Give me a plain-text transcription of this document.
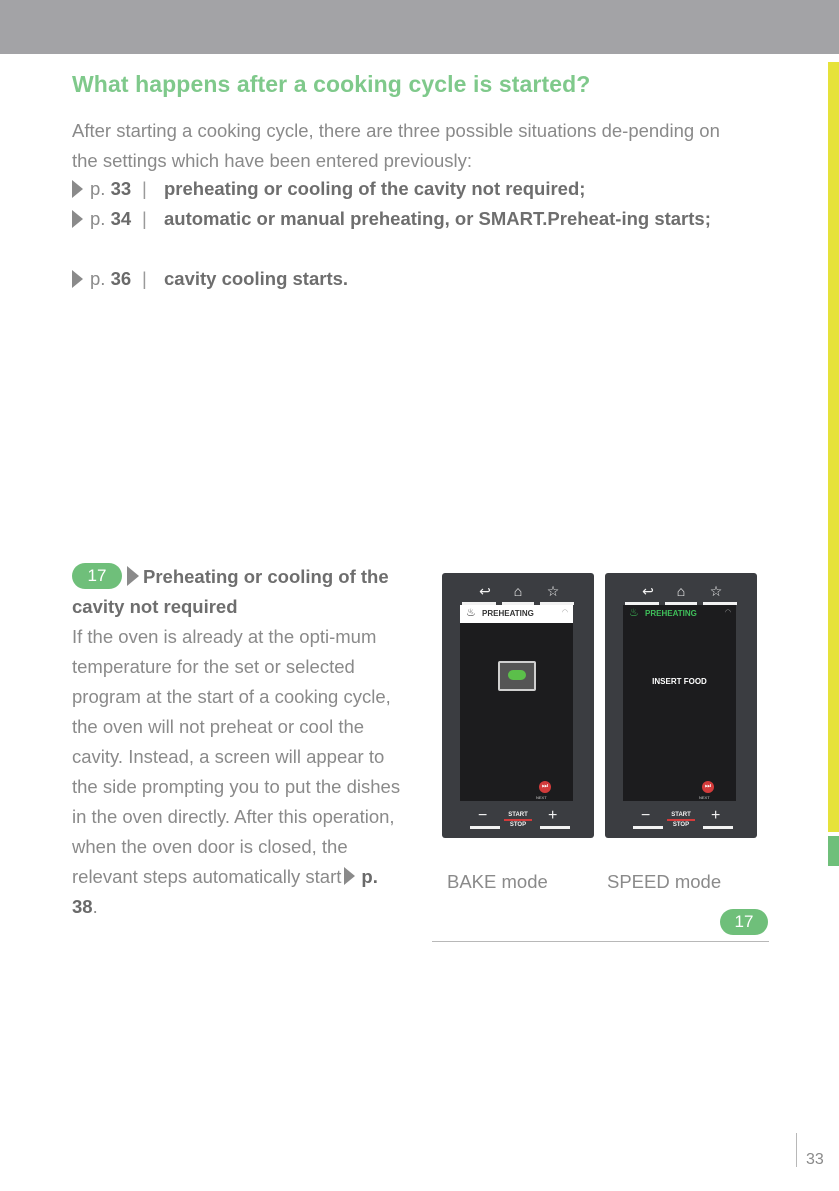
What happens after a cooking cycle is started?
After starting a cooking cycle, there are three possible situations de-pending on the settings which have been entered previously:
p. 33 | preheating or cooling of the cavity not required;
p. 34 | automatic or manual preheating, or SMART.Preheat-ing starts;
p. 36 | cavity cooling starts.
17	Preheating or cooling of the cavity not required
If the oven is already at the opti-mum temperature for the set or selected program at the start of a cooking cycle, the oven will not preheat or cool the cavity. Instead, a screen will appear to the side prompting you to put the dishes in the oven directly. After this operation, when the oven door is closed, the relevant steps automatically start p. 38.
↩	⌂	☆
♨ PREHEATING	◠
⏭
NEXT
−	START
STOP
+
↩	⌂	☆
♨ PREHEATING	◠
INSERT FOOD
⏭
NEXT
−	START
STOP
+
BAKE mode	SPEED mode
17
33
